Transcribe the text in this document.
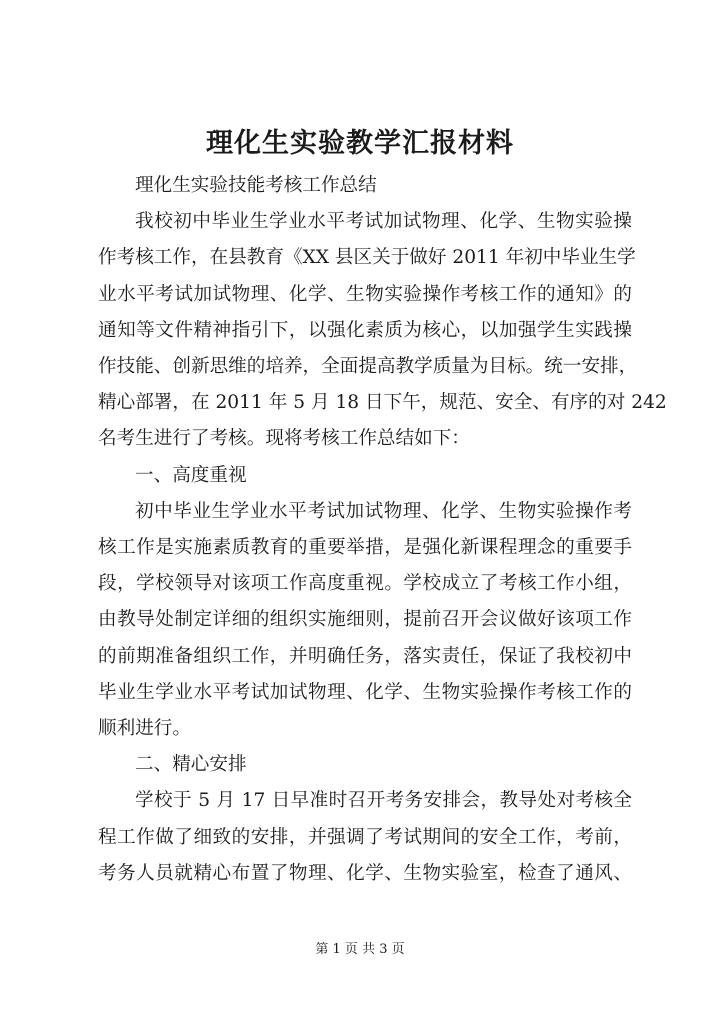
理化生实验教学汇报材料
理化生实验技能考核工作总结
我校初中毕业生学业水平考试加试物理、化学、生物实验操
作考核工作，在县教育《XX 县区关于做好 2011 年初中毕业生学
业水平考试加试物理、化学、生物实验操作考核工作的通知》的
通知等文件精神指引下，以强化素质为核心，以加强学生实践操
作技能、创新思维的培养，全面提高教学质量为目标。统一安排，
精心部署，在 2011 年 5 月 18 日下午，规范、安全、有序的对 242
名考生进行了考核。现将考核工作总结如下：
一、高度重视
初中毕业生学业水平考试加试物理、化学、生物实验操作考
核工作是实施素质教育的重要举措，是强化新课程理念的重要手
段，学校领导对该项工作高度重视。学校成立了考核工作小组，
由教导处制定详细的组织实施细则，提前召开会议做好该项工作
的前期准备组织工作，并明确任务，落实责任，保证了我校初中
毕业生学业水平考试加试物理、化学、生物实验操作考核工作的
顺利进行。
二、精心安排
学校于 5 月 17 日早准时召开考务安排会，教导处对考核全
程工作做了细致的安排，并强调了考试期间的安全工作，考前，
考务人员就精心布置了物理、化学、生物实验室，检查了通风、
第 1 页 共 3 页
